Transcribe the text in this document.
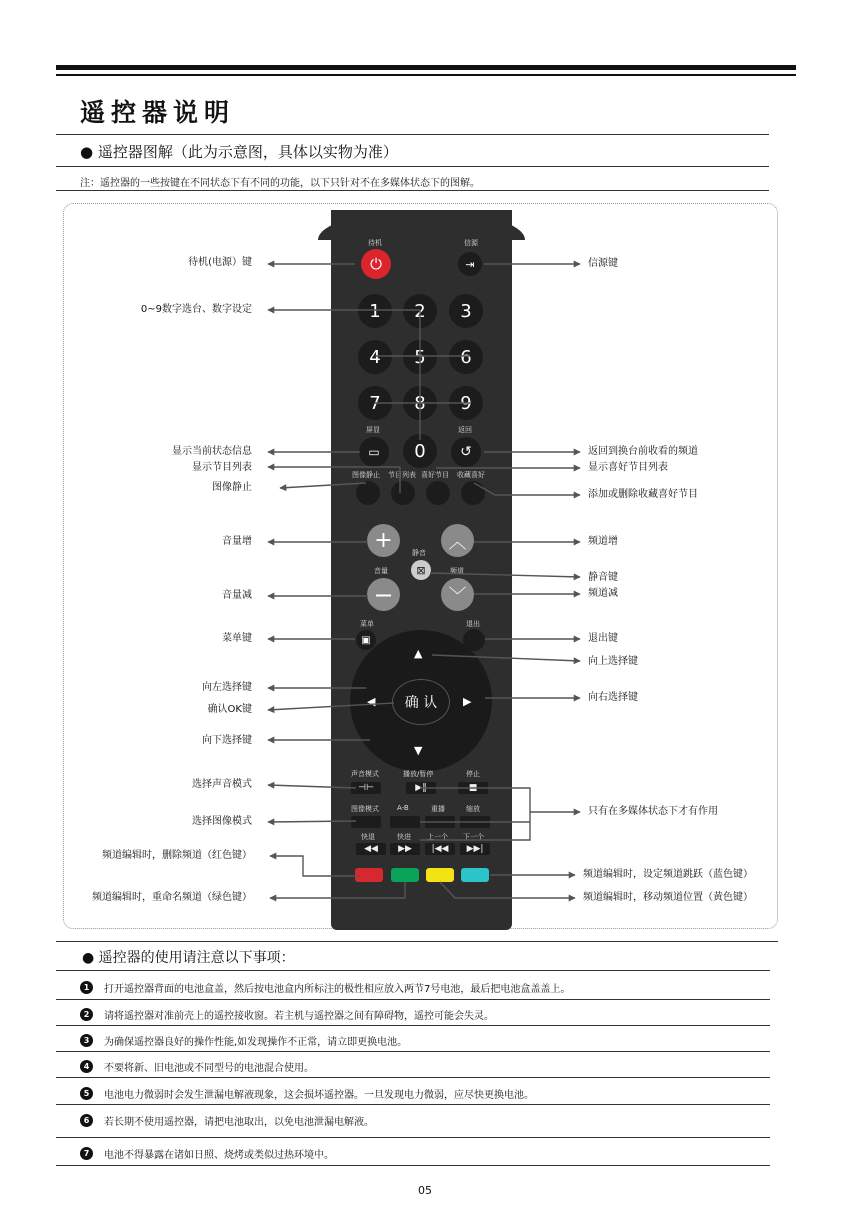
遥控器说明
● 遥控器图解（此为示意图，具体以实物为准）
注：遥控器的一些按键在不同状态下有不同的功能，以下只针对不在多媒体状态下的图解。
待机
⏻
信源
⇥
1	2	3
4	5	6
7	8	9
屏显
▭	0
返回
↺
图像静止 节目列表 喜好节目 收藏喜好
+	静音
⊠
︿
音量	频道
−	﹀
菜单
▣
退出
确 认
▲
▼
◀	▶
声音模式	播放/暂停	停止
⊣⊢	▶‖	■
图像模式	A-B	重播	缩放
快退	快进 上一个 下一个
◀◀	▶▶	|◀◀	▶▶|
待机(电源）键
0~9数字选台、数字设定
显示当前状态信息
显示节目列表
图像静止
音量增
音量减
菜单键
向左选择键
确认OK键
向下选择键
选择声音模式
选择图像模式
频道编辑时，删除频道（红色键）
频道编辑时，重命名频道（绿色键）
信源键
返回到换台前收看的频道
显示喜好节目列表
添加或删除收藏喜好节目
频道增
静音键
频道减
退出键
向上选择键
向右选择键
只有在多媒体状态下才有作用
频道编辑时，设定频道跳跃（蓝色键）
频道编辑时，移动频道位置（黄色键）
● 遥控器的使用请注意以下事项：
1	打开遥控器背面的电池盒盖，然后按电池盒内所标注的极性相应放入两节7号电池，最后把电池盒盖盖上。
2	请将遥控器对准前壳上的遥控接收窗。若主机与遥控器之间有障碍物，遥控可能会失灵。
3	为确保遥控器良好的操作性能,如发现操作不正常，请立即更换电池。
4	不要将新、旧电池或不同型号的电池混合使用。
5	电池电力微弱时会发生泄漏电解液现象，这会损坏遥控器。一旦发现电力微弱，应尽快更换电池。
6	若长期不使用遥控器，请把电池取出，以免电池泄漏电解液。
7	电池不得暴露在诸如日照、烧烤或类似过热环境中。
05
